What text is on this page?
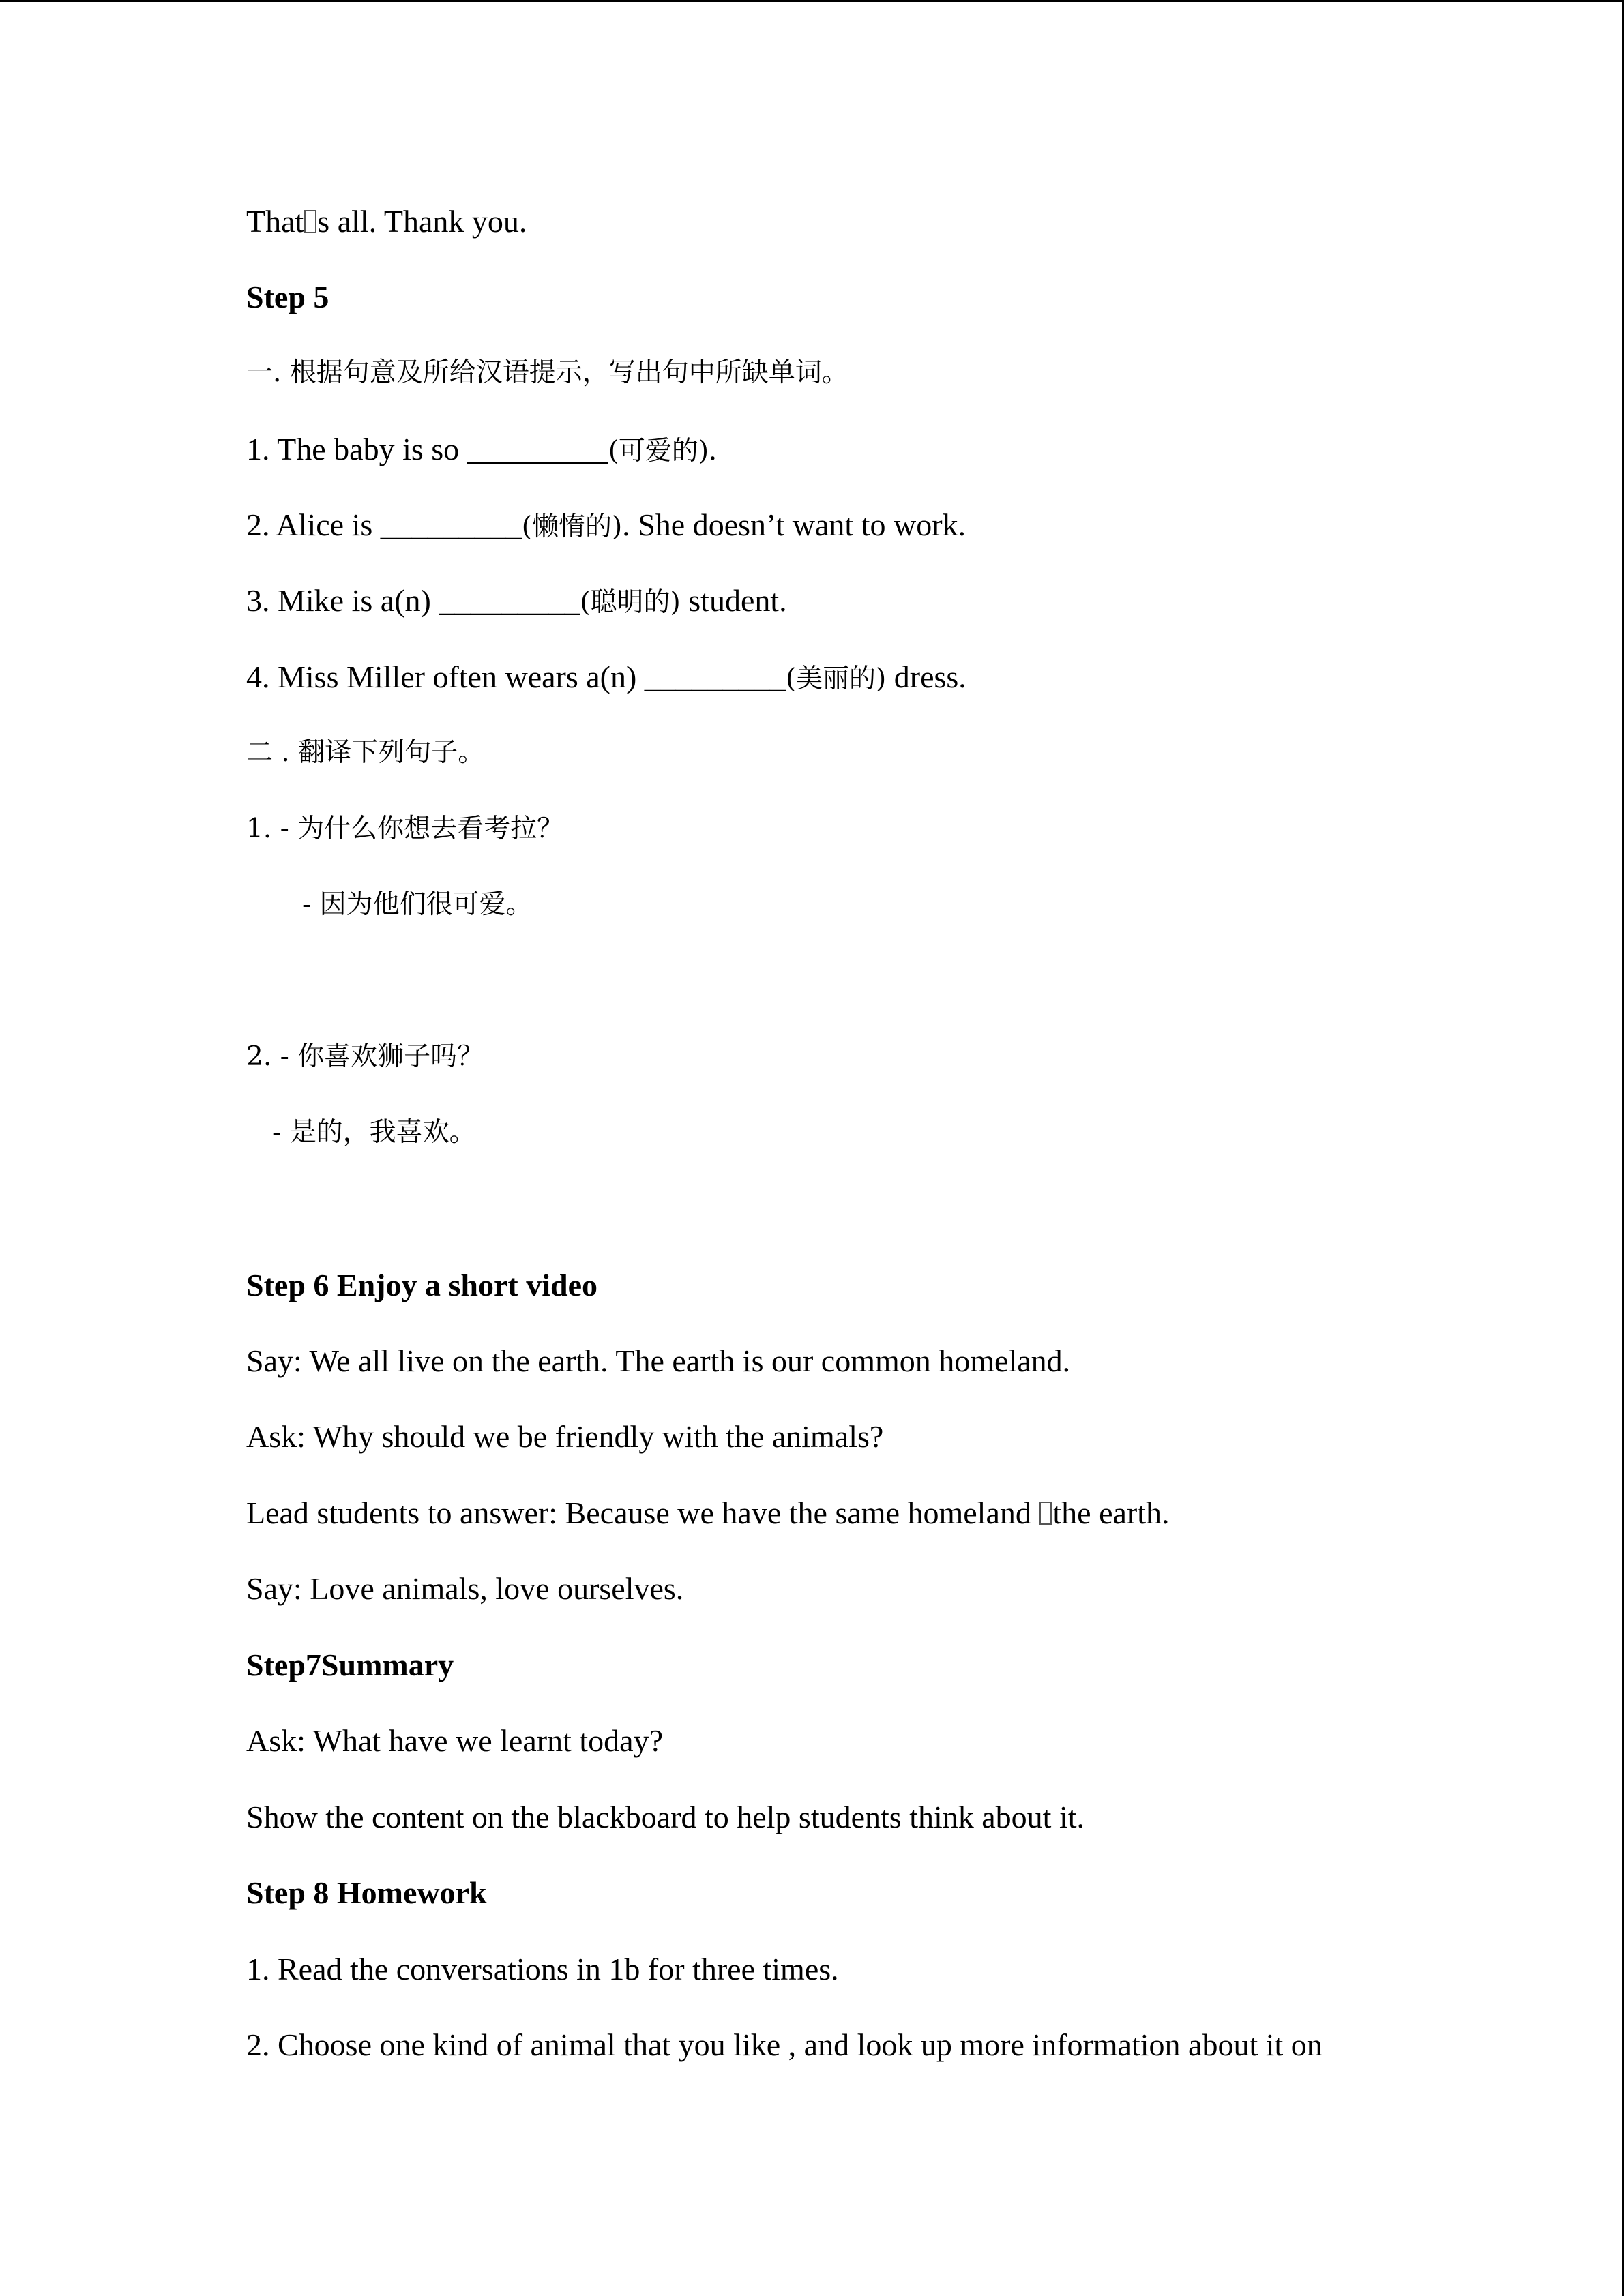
That s all. Thank you.
Step 5
一. 根据句意及所给汉语提示，写出句中所缺单词。
1. The baby is so _________(可爱的).
2. Alice is _________(懒惰的). She doesn’t want to work.
3. Mike is a(n) _________(聪明的) student.
4. Miss Miller often wears a(n) _________(美丽的) dress.
二 . 翻译下列句子。
1. - 为什么你想去看考拉？
- 因为他们很可爱。
2. - 你喜欢狮子吗？
- 是的，我喜欢。
Step 6 Enjoy a short video
Say: We all live on the earth. The earth is our common homeland.
Ask: Why should we be friendly with the animals?
Lead students to answer: Because we have the same homeland the earth.
Say: Love animals, love ourselves.
Step7Summary
Ask: What have we learnt today?
Show the content on the blackboard to help students think about it.
Step 8 Homework
1. Read the conversations in 1b for three times.
2. Choose one kind of animal that you like , and look up more information about it on
